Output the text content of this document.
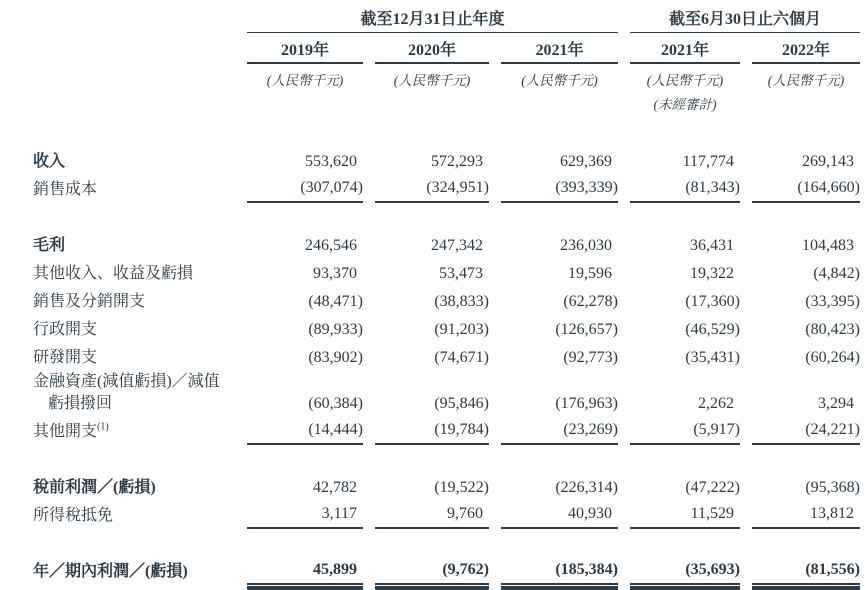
截至12月31日止年度	截至6月30日止六個月
2019年	2020年	2021年	2021年	2022年
(人民幣千元)	(人民幣千元)	(人民幣千元)	(人民幣千元)	(人民幣千元)
(未經審計)
收入	553,620	572,293	629,369	117,774	269,143
銷售成本	(307,074)	(324,951)	(393,339)	(81,343)	(164,660)
毛利	246,546	247,342	236,030	36,431	104,483
其他收入、收益及虧損	93,370	53,473	19,596	19,322	(4,842)
銷售及分銷開支	(48,471)	(38,833)	(62,278)	(17,360)	(33,395)
行政開支	(89,933)	(91,203)	(126,657)	(46,529)	(80,423)
研發開支	(83,902)	(74,671)	(92,773)	(35,431)	(60,264)
金融資產(減值虧損)／減值
虧損撥回	(60,384)	(95,846)	(176,963)	2,262	3,294
其他開支$^{(1)}$	(14,444)	(19,784)	(23,269)	(5,917)	(24,221)
稅前利潤／(虧損)	42,782	(19,522)	(226,314)	(47,222)	(95,368)
所得稅抵免	3,117	9,760	40,930	11,529	13,812
年／期內利潤／(虧損)	45,899	(9,762)	(185,384)	(35,693)	(81,556)
